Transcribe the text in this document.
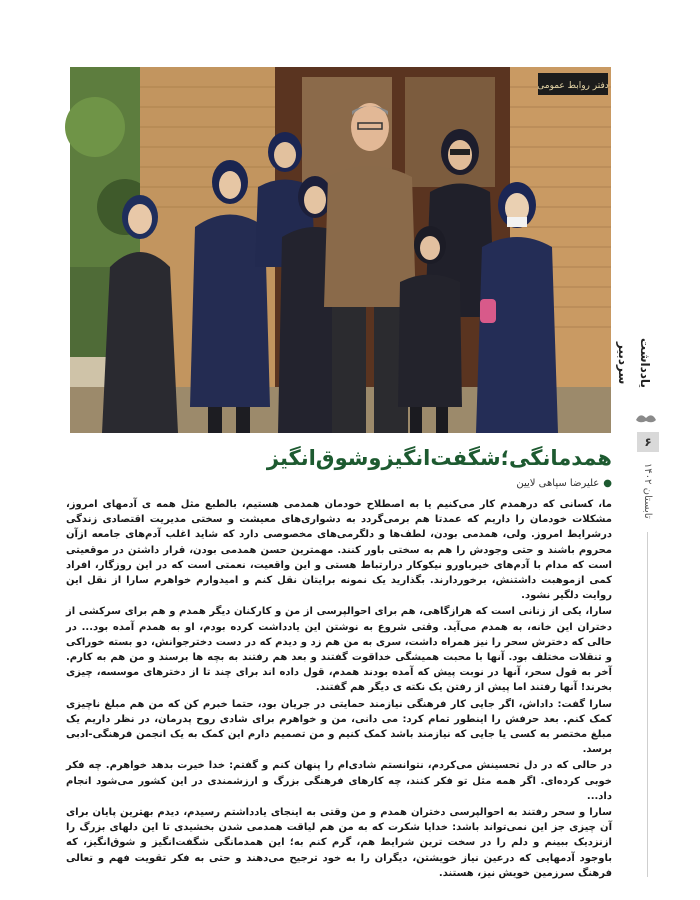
دفتر روابط عمومی
یادداشت سردبیر
۶
تابستان ۱۴۰۲
همدمانگی؛شگفت‌انگیزوشوق‌انگیز
●علیرضا سپاهی لایین

ما، کسانی که درهمدم کار می‌کنیم یا به اصطلاح خودمان همدمی هستیم، بالطبع مثل همه ی آدمهای امروز، مشکلات خودمان را داریم که عمدتا هم برمی‌گردد به دشواری‌های معیشت و سختی مدیریت اقتصادی زندگی درشرایط امروز. ولی، همدمی بودن، لطف‌ها و دلگرمی‌های مخصوصی دارد که شاید اغلب آدم‌های جامعه ازآن محروم باشند و حتی وجودش را هم به سختی باور کنند. مهمترین حسن همدمی بودن، قرار داشتن در موقعیتی است که مدام با آدم‌های خیرباورو نیکوکار درارتباط هستی و این واقعیت، نعمتی است که در این روزگار، افراد کمی ازموهبت داشتنش، برخوردارند. بگذارید یک نمونه برایتان نقل کنم و امیدوارم خواهرم سارا از نقل این روایت دلگیر نشود.

سارا، یکی از زنانی است که هرازگاهی، هم برای احوالپرسی از من و کارکنان دیگر همدم و هم برای سرکشی از دختران این خانه، به همدم می‌آید. وقتی شروع به نوشتن این یادداشت کرده بودم، او به همدم آمده بود... در حالی که دخترش سحر را نیز همراه داشت، سری به من هم زد و دیدم که در دست دخترجوانش، دو بسته خوراکی و تنقلات مختلف بود. آنها با محبت همیشگی خداقوت گفتند و بعد هم رفتند به بچه ها برسند و من هم به کارم. آخر به قول سحر، آنها در نوبت پیش که آمده بودند همدم، قول داده اند برای چند تا از دخترهای موسسه، چیزی بخرند! آنها رفتند اما پیش از رفتن یک نکته ی دیگر هم گفتند.

سارا گفت: داداش، اگر جایی کار فرهنگی نیازمند حمایتی در جریان بود، حتما خبرم کن که من هم مبلغ ناچیزی کمک کنم. بعد حرفش را اینطور تمام کرد: می دانی، من و خواهرم برای شادی روح پدرمان، در نظر داریم یک مبلغ مختصر به کسی یا جایی که نیازمند باشد کمک کنیم و من تصمیم دارم این کمک به یک انجمن فرهنگی-ادبی برسد.

در حالی که در دل تحسینش می‌کردم، نتوانستم شادی‌ام را پنهان کنم و گفتم: خدا خیرت بدهد خواهرم. چه فکر خوبی کرده‌ای. اگر همه مثل تو فکر کنند، چه کارهای فرهنگی بزرگ و ارزشمندی در این کشور می‌شود انجام داد...

سارا و سحر رفتند به احوالپرسی دختران همدم و من وقتی به اینجای یادداشتم رسیدم، دیدم بهترین پایان برای آن چیزی جز این نمی‌تواند باشد: خدایا شکرت که به من هم لیاقت همدمی شدن بخشیدی تا این دلهای بزرگ را ازنزدیک ببینم و دلم را در سخت ترین شرایط هم، گرم کنم به؛ این همدمانگی شگفت‌انگیز و شوق‌انگیز، که باوجود آدمهایی که درعین نیاز خویشتن، دیگران را به خود ترجیح می‌دهند و حتی به فکر تقویت فهم و تعالی فرهنگ سرزمین خویش نیز، هستند.
